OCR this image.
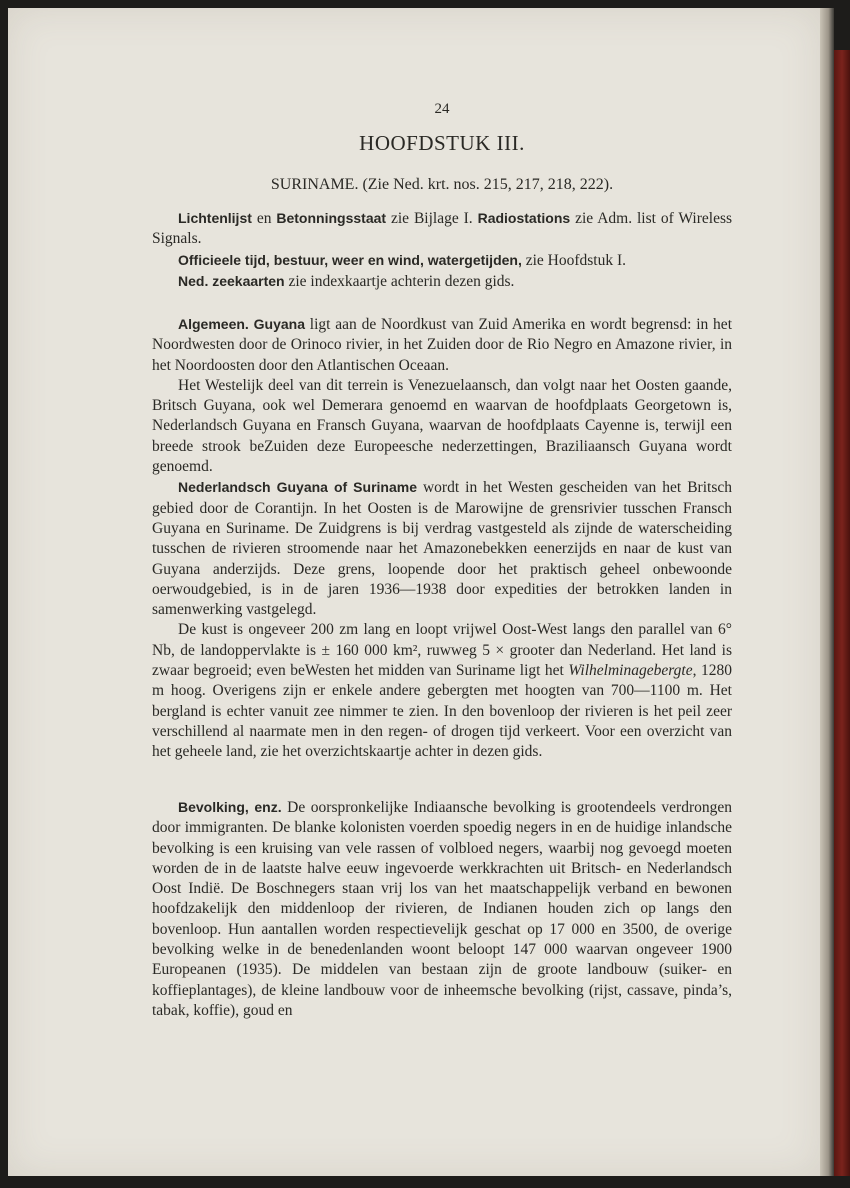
24
HOOFDSTUK III.
SURINAME. (Zie Ned. krt. nos. 215, 217, 218, 222).

Lichtenlijst en Betonningsstaat zie Bijlage I. Radiostations zie Adm. list of Wireless Signals.

Officieele tijd, bestuur, weer en wind, watergetijden, zie Hoofdstuk I.

Ned. zeekaarten zie indexkaartje achterin dezen gids.

Algemeen. Guyana ligt aan de Noordkust van Zuid Amerika en wordt begrensd: in het Noordwesten door de Orinoco rivier, in het Zuiden door de Rio Negro en Amazone rivier, in het Noordoosten door den Atlantischen Oceaan.

Het Westelijk deel van dit terrein is Venezuelaansch, dan volgt naar het Oosten gaande, Britsch Guyana, ook wel Demerara genoemd en waarvan de hoofdplaats Georgetown is, Nederlandsch Guyana en Fransch Guyana, waarvan de hoofdplaats Cayenne is, terwijl een breede strook beZuiden deze Europeesche nederzettingen, Braziliaansch Guyana wordt genoemd.

Nederlandsch Guyana of Suriname wordt in het Westen gescheiden van het Britsch gebied door de Corantijn. In het Oosten is de Marowijne de grensrivier tusschen Fransch Guyana en Suriname. De Zuidgrens is bij verdrag vastgesteld als zijnde de waterscheiding tusschen de rivieren stroomende naar het Amazonebekken eenerzijds en naar de kust van Guyana anderzijds. Deze grens, loopende door het praktisch geheel onbewoonde oerwoudgebied, is in de jaren 1936—1938 door expedities der betrokken landen in samenwerking vastgelegd.

De kust is ongeveer 200 zm lang en loopt vrijwel Oost-West langs den parallel van 6° Nb, de landoppervlakte is ± 160 000 km², ruwweg 5 × grooter dan Nederland. Het land is zwaar begroeid; even beWesten het midden van Suriname ligt het Wilhelminagebergte, 1280 m hoog. Overigens zijn er enkele andere gebergten met hoogten van 700—1100 m. Het bergland is echter vanuit zee nimmer te zien. In den bovenloop der rivieren is het peil zeer verschillend al naarmate men in den regen- of drogen tijd verkeert. Voor een overzicht van het geheele land, zie het overzichtskaartje achter in dezen gids.

Bevolking, enz. De oorspronkelijke Indiaansche bevolking is grootendeels verdrongen door immigranten. De blanke kolonisten voerden spoedig negers in en de huidige inlandsche bevolking is een kruising van vele rassen of volbloed negers, waarbij nog gevoegd moeten worden de in de laatste halve eeuw ingevoerde werkkrachten uit Britsch- en Nederlandsch Oost Indië. De Boschnegers staan vrij los van het maatschappelijk verband en bewonen hoofdzakelijk den middenloop der rivieren, de Indianen houden zich op langs den bovenloop. Hun aantallen worden respectievelijk geschat op 17 000 en 3500, de overige bevolking welke in de benedenlanden woont beloopt 147 000 waarvan ongeveer 1900 Europeanen (1935). De middelen van bestaan zijn de groote landbouw (suiker- en koffieplantages), de kleine landbouw voor de inheemsche bevolking (rijst, cassave, pinda’s, tabak, koffie), goud en
